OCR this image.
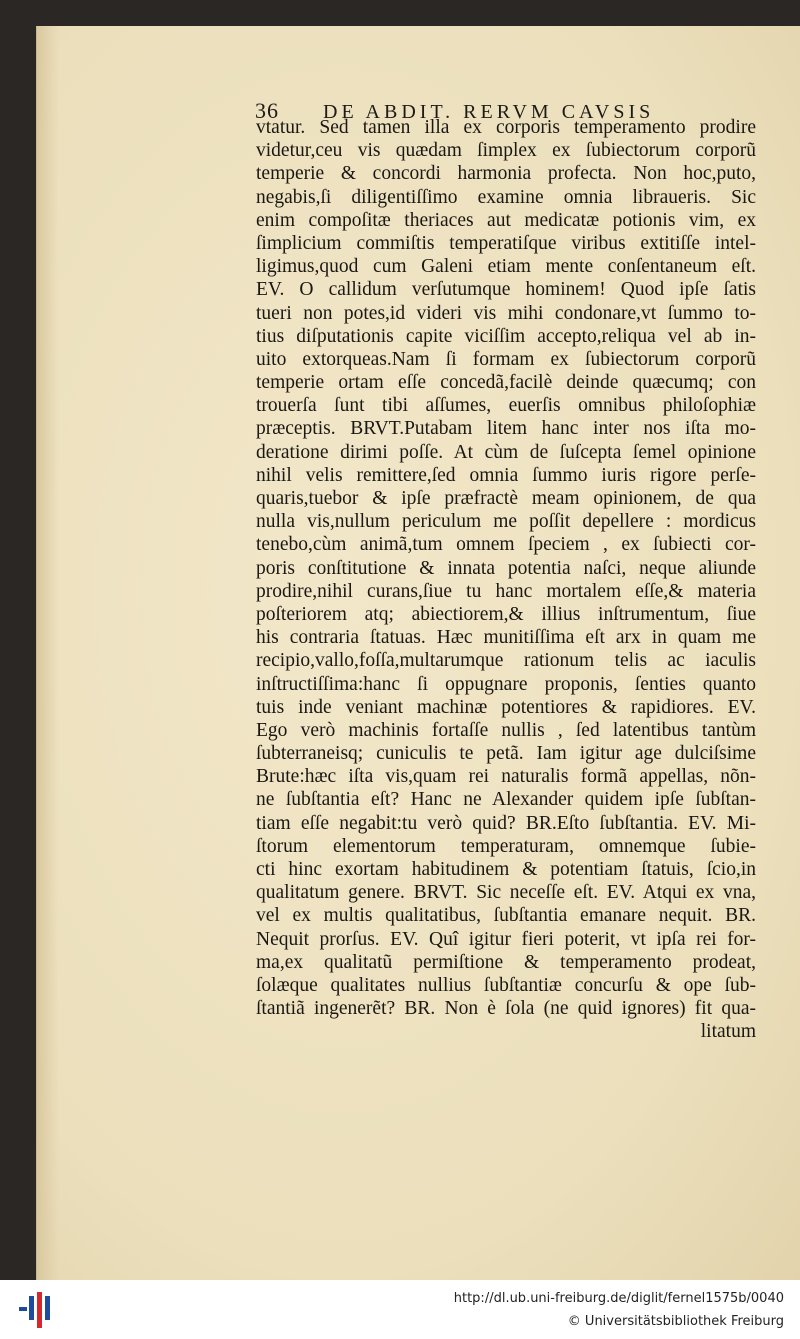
36 DE ABDIT. RERVM CAVSIS
vtatur. Sed tamen illa ex corporis temperamento prodire
videtur,ceu vis quædam ſimplex ex ſubiectorum corporũ
temperie & concordi harmonia profecta. Non hoc,puto,
negabis,ſi diligentiſſimo examine omnia libraueris. Sic
enim compoſitæ theriaces aut medicatæ potionis vim, ex
ſimplicium commiſtis temperatiſque viribus extitiſſe intel-
ligimus,quod cum Galeni etiam mente conſentaneum eſt.
EV. O callidum verſutumque hominem! Quod ipſe ſatis
tueri non potes,id videri vis mihi condonare,vt ſummo to-
tius diſputationis capite viciſſim accepto,reliqua vel ab in-
uito extorqueas.Nam ſi formam ex ſubiectorum corporũ
temperie ortam eſſe concedã,facilè deinde quæcumq; con
trouerſa ſunt tibi aſſumes, euerſis omnibus philoſophiæ
præceptis. BRVT.Putabam litem hanc inter nos iſta mo-
deratione dirimi poſſe. At cùm de ſuſcepta ſemel opinione
nihil velis remittere,ſed omnia ſummo iuris rigore perſe-
quaris,tuebor & ipſe præfractè meam opinionem, de qua
nulla vis,nullum periculum me poſſit depellere : mordicus
tenebo,cùm animã,tum omnem ſpeciem , ex ſubiecti cor-
poris conſtitutione & innata potentia naſci, neque aliunde
prodire,nihil curans,ſiue tu hanc mortalem eſſe,& materia
poſteriorem atq; abiectiorem,& illius inſtrumentum, ſiue
his contraria ſtatuas. Hæc munitiſſima eſt arx in quam me
recipio,vallo,foſſa,multarumque rationum telis ac iaculis
inſtructiſſima:hanc ſi oppugnare proponis, ſenties quanto
tuis inde veniant machinæ potentiores & rapidiores. EV.
Ego verò machinis fortaſſe nullis , ſed latentibus tantùm
ſubterraneisq; cuniculis te petã. Iam igitur age dulciſsime
Brute:hæc iſta vis,quam rei naturalis formã appellas, nõn-
ne ſubſtantia eſt? Hanc ne Alexander quidem ipſe ſubſtan-
tiam eſſe negabit:tu verò quid? BR.Eſto ſubſtantia. EV. Mi-
ſtorum elementorum temperaturam, omnemque ſubie-
cti hinc exortam habitudinem & potentiam ſtatuis, ſcio,in
qualitatum genere. BRVT. Sic neceſſe eſt. EV. Atqui ex vna,
vel ex multis qualitatibus, ſubſtantia emanare nequit. BR.
Nequit prorſus. EV. Quî igitur fieri poterit, vt ipſa rei for-
ma,ex qualitatũ permiſtione & temperamento prodeat,
ſolæque qualitates nullius ſubſtantiæ concurſu & ope ſub-
ſtantiã ingenerẽt? BR. Non è ſola (ne quid ignores) fit qua-
litatum
http://dl.ub.uni-freiburg.de/diglit/fernel1575b/0040
© Universitätsbibliothek Freiburg
